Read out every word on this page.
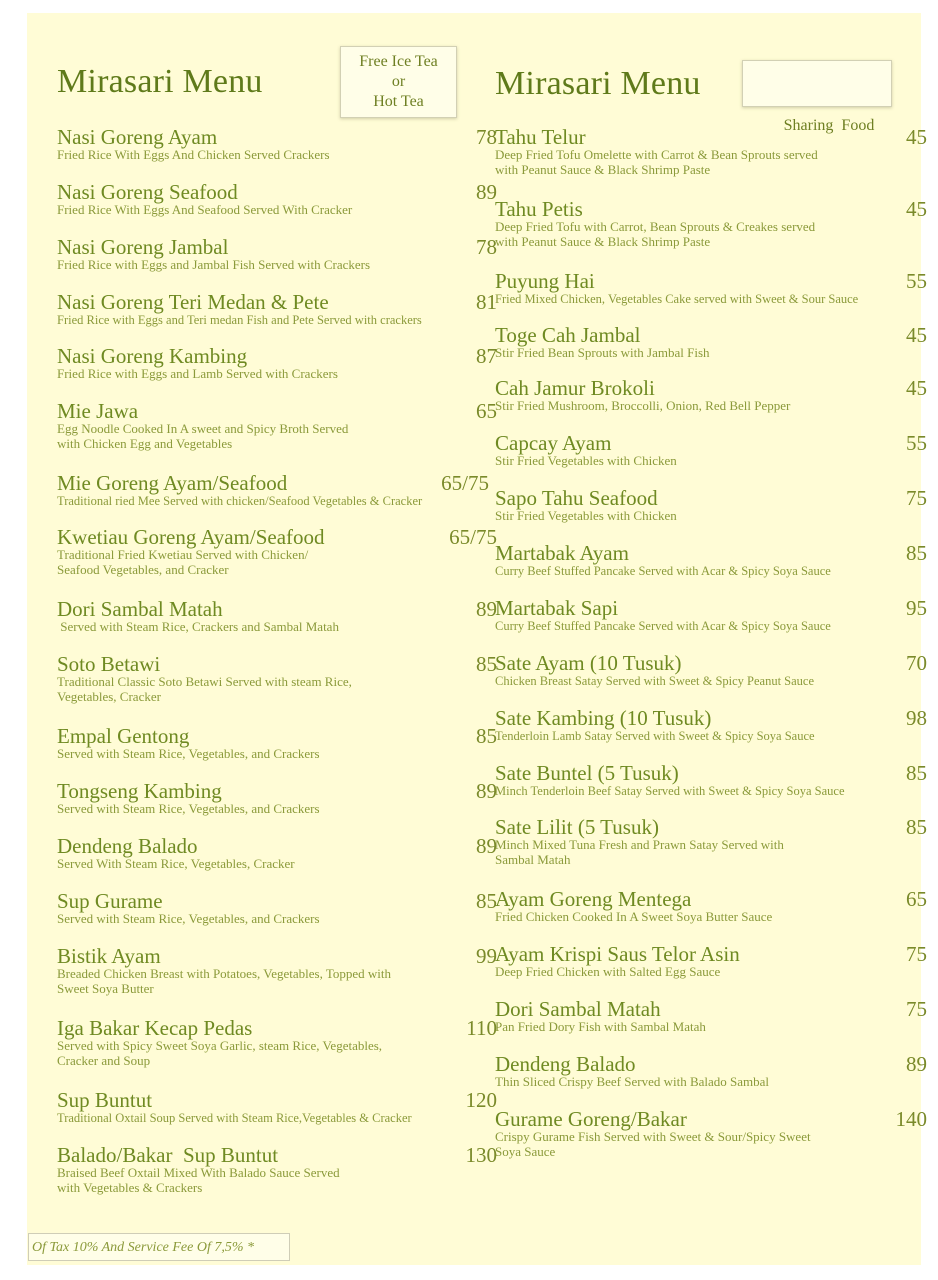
Mirasari Menu
Free Ice Tea
or
Hot Tea
Nasi Goreng Ayam	78
Fried Rice With Eggs And Chicken Served Crackers
Nasi Goreng Seafood	89
Fried Rice With Eggs And Seafood Served With Cracker
Nasi Goreng Jambal	78
Fried Rice with Eggs and Jambal Fish Served with Crackers
Nasi Goreng Teri Medan & Pete	81
Fried Rice with Eggs and Teri medan Fish and Pete Served with crackers
Nasi Goreng Kambing	87
Fried Rice with Eggs and Lamb Served with Crackers
Mie Jawa	65
Egg Noodle Cooked In A sweet and Spicy Broth Served
with Chicken Egg and Vegetables
Mie Goreng Ayam/Seafood	65/75
Traditional ried Mee Served with chicken/Seafood Vegetables & Cracker
Kwetiau Goreng Ayam/Seafood	65/75
Traditional Fried Kwetiau Served with Chicken/
Seafood Vegetables, and Cracker
Dori Sambal Matah	89
Served with Steam Rice, Crackers and Sambal Matah
Soto Betawi	85
Traditional Classic Soto Betawi Served with steam Rice,
Vegetables, Cracker
Empal Gentong	85
Served with Steam Rice, Vegetables, and Crackers
Tongseng Kambing	89
Served with Steam Rice, Vegetables, and Crackers
Dendeng Balado	89
Served With Steam Rice, Vegetables, Cracker
Sup Gurame	85
Served with Steam Rice, Vegetables, and Crackers
Bistik Ayam	99
Breaded Chicken Breast with Potatoes, Vegetables, Topped with
Sweet Soya Butter
Iga Bakar Kecap Pedas	110
Served with Spicy Sweet Soya Garlic, steam Rice, Vegetables,
Cracker and Soup
Sup Buntut	120
Traditional Oxtail Soup Served with Steam Rice,Vegetables & Cracker
Balado/Bakar  Sup Buntut	130
Braised Beef Oxtail Mixed With Balado Sauce Served
with Vegetables & Crackers
Mirasari Menu

Sharing  Food

Tahu Telur	45
Deep Fried Tofu Omelette with Carrot & Bean Sprouts served
with Peanut Sauce & Black Shrimp Paste
Tahu Petis	45
Deep Fried Tofu with Carrot, Bean Sprouts & Creakes served
with Peanut Sauce & Black Shrimp Paste
Puyung Hai	55
Fried Mixed Chicken, Vegetables Cake served with Sweet & Sour Sauce
Toge Cah Jambal	45
Stir Fried Bean Sprouts with Jambal Fish
Cah Jamur Brokoli	45
Stir Fried Mushroom, Broccolli, Onion, Red Bell Pepper
Capcay Ayam	55
Stir Fried Vegetables with Chicken
Sapo Tahu Seafood	75
Stir Fried Vegetables with Chicken
Martabak Ayam	85
Curry Beef Stuffed Pancake Served with Acar & Spicy Soya Sauce
Martabak Sapi	95
Curry Beef Stuffed Pancake Served with Acar & Spicy Soya Sauce
Sate Ayam (10 Tusuk)	70
Chicken Breast Satay Served with Sweet & Spicy Peanut Sauce
Sate Kambing (10 Tusuk)	98
Tenderloin Lamb Satay Served with Sweet & Spicy Soya Sauce
Sate Buntel (5 Tusuk)	85
Minch Tenderloin Beef Satay Served with Sweet & Spicy Soya Sauce
Sate Lilit (5 Tusuk)	85
Minch Mixed Tuna Fresh and Prawn Satay Served with
Sambal Matah
Ayam Goreng Mentega	65
Fried Chicken Cooked In A Sweet Soya Butter Sauce
Ayam Krispi Saus Telor Asin	75
Deep Fried Chicken with Salted Egg Sauce
Dori Sambal Matah	75
Pan Fried Dory Fish with Sambal Matah
Dendeng Balado	89
Thin Sliced Crispy Beef Served with Balado Sambal
Gurame Goreng/Bakar	140
Crispy Gurame Fish Served with Sweet & Sour/Spicy Sweet
Soya Sauce
Of Tax 10% And Service Fee Of 7,5% *
